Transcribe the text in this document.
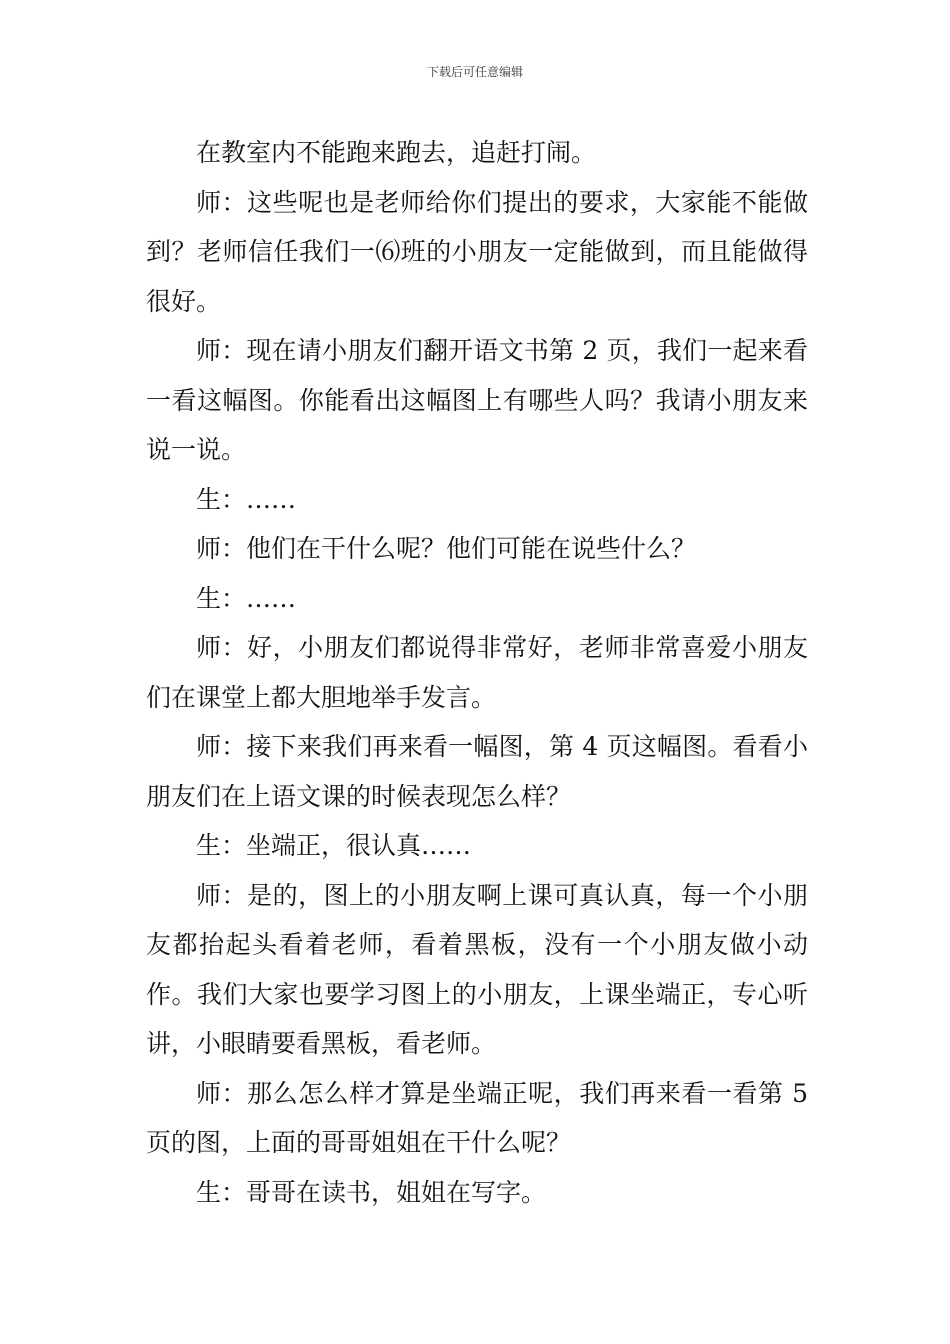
下载后可任意编辑

在教室内不能跑来跑去，追赶打闹。

师：这些呢也是老师给你们提出的要求，大家能不能做到？老师信任我们一⑹班的小朋友一定能做到，而且能做得很好。

师：现在请小朋友们翻开语文书第 2 页，我们一起来看一看这幅图。你能看出这幅图上有哪些人吗？我请小朋友来说一说。

生：……

师：他们在干什么呢？他们可能在说些什么？

生：……

师：好，小朋友们都说得非常好，老师非常喜爱小朋友们在课堂上都大胆地举手发言。

师：接下来我们再来看一幅图，第 4 页这幅图。看看小朋友们在上语文课的时候表现怎么样？

生：坐端正，很认真……

师：是的，图上的小朋友啊上课可真认真，每一个小朋友都抬起头看着老师，看着黑板，没有一个小朋友做小动作。我们大家也要学习图上的小朋友，上课坐端正，专心听讲，小眼睛要看黑板，看老师。

师：那么怎么样才算是坐端正呢，我们再来看一看第 5 页的图，上面的哥哥姐姐在干什么呢？

生：哥哥在读书，姐姐在写字。
